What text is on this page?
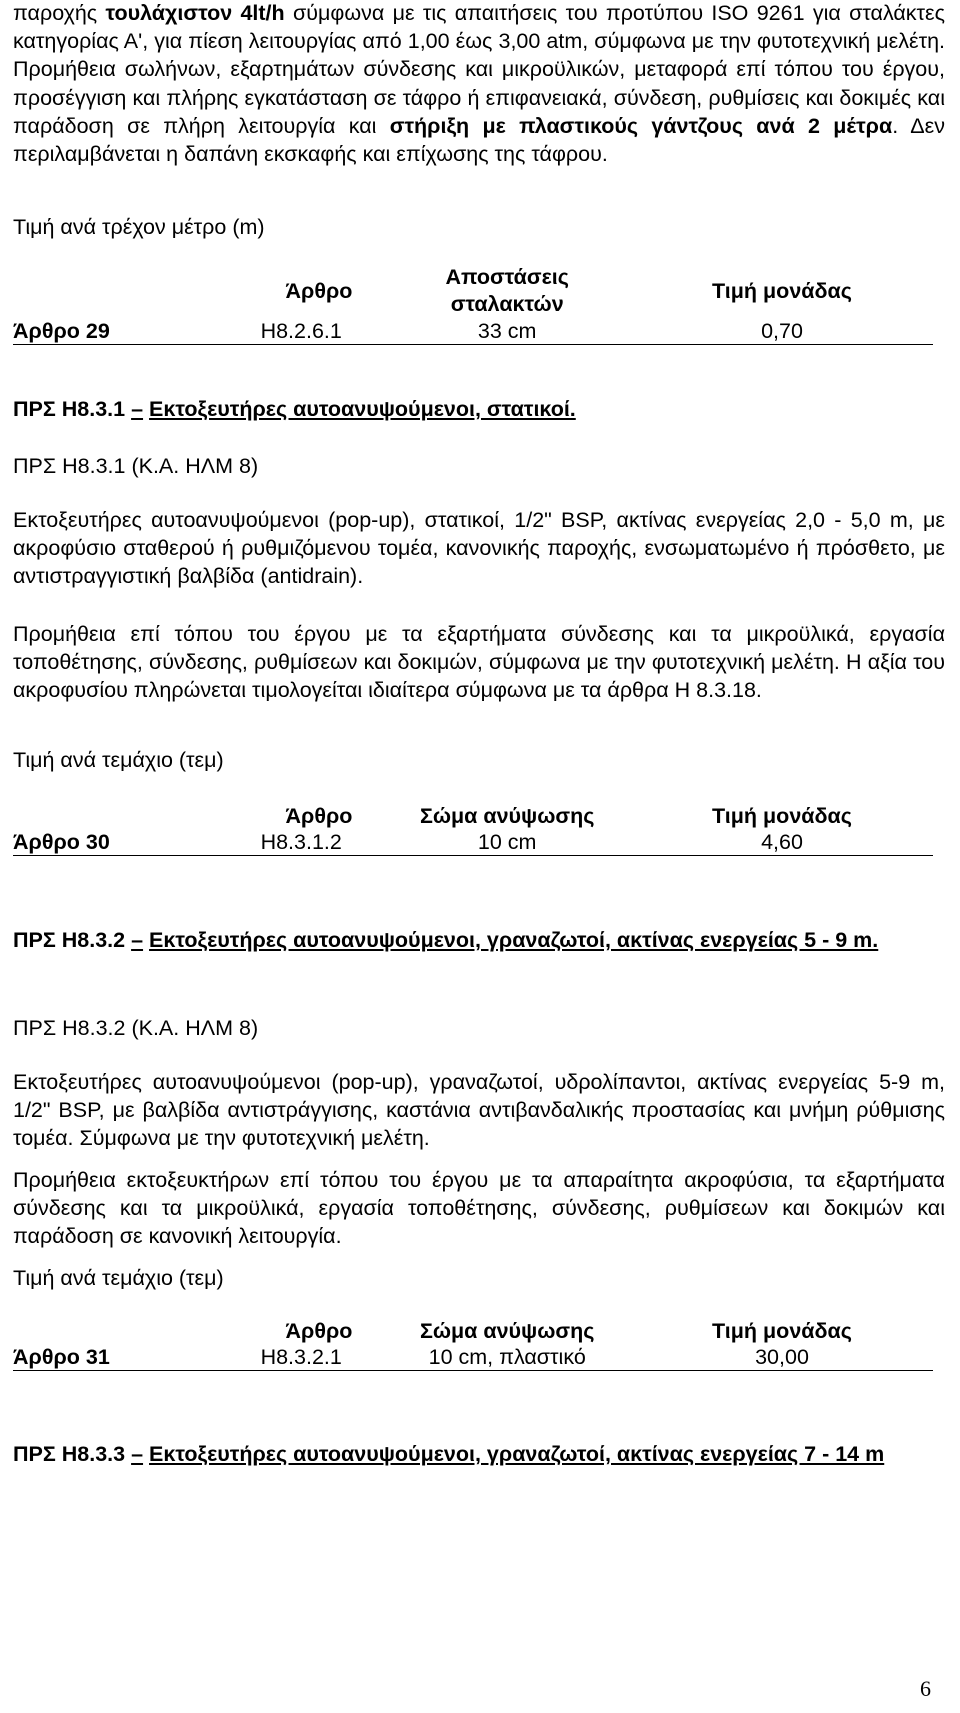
παροχής τουλάχιστον 4lt/h σύμφωνα με τις απαιτήσεις του προτύπου ISO 9261 για σταλάκτες κατηγορίας Α', για πίεση λειτουργίας από 1,00 έως 3,00 atm, σύμφωνα με την φυτοτεχνική μελέτη. Προμήθεια σωλήνων, εξαρτημάτων σύνδεσης και μικροϋλικών, μεταφορά επί τόπου του έργου, προσέγγιση και πλήρης εγκατάσταση σε τάφρο ή επιφανειακά, σύνδεση, ρυθμίσεις και δοκιμές και παράδοση σε πλήρη λειτουργία και στήριξη με πλαστικούς γάντζους ανά 2 μέτρα. Δεν περιλαμβάνεται η δαπάνη εκσκαφής και επίχωσης της τάφρου.

Τιμή ανά τρέχον μέτρο (m)

	Άρθρο	Αποστάσεις σταλακτών	Τιμή μονάδας
Άρθρο 29	Η8.2.6.1	33 cm	0,70

ΠΡΣ Η8.3.1 – Εκτοξευτήρες αυτοανυψούμενοι, στατικοί.

ΠΡΣ Η8.3.1 (Κ.Α. ΗΛΜ 8)

Εκτοξευτήρες αυτοανυψούμενοι (pop-up), στατικοί, 1/2" BSP, ακτίνας ενεργείας 2,0 - 5,0 m, με ακροφύσιο σταθερού ή ρυθμιζόμενου τομέα, κανονικής παροχής, ενσωματωμένο ή πρόσθετο, με αντιστραγγιστική βαλβίδα (antidrain).

Προμήθεια επί τόπου του έργου με τα εξαρτήματα σύνδεσης και τα μικροϋλικά, εργασία τοποθέτησης, σύνδεσης, ρυθμίσεων και δοκιμών, σύμφωνα με την φυτοτεχνική μελέτη. Η αξία του ακροφυσίου πληρώνεται τιμολογείται ιδιαίτερα σύμφωνα με τα άρθρα Η 8.3.18.

Τιμή ανά τεμάχιο (τεμ)

	Άρθρο	Σώμα ανύψωσης	Τιμή μονάδας
Άρθρο 30	Η8.3.1.2	10 cm	4,60

ΠΡΣ Η8.3.2 – Εκτοξευτήρες αυτοανυψούμενοι, γραναζωτοί, ακτίνας ενεργείας 5 - 9 m.

ΠΡΣ Η8.3.2 (Κ.Α. ΗΛΜ 8)

Εκτοξευτήρες αυτοανυψούμενοι (pop-up), γραναζωτοί, υδρολίπαντοι, ακτίνας ενεργείας 5-9 m, 1/2" BSP, με βαλβίδα αντιστράγγισης, καστάνια αντιβανδαλικής προστασίας και μνήμη ρύθμισης τομέα. Σύμφωνα με την φυτοτεχνική μελέτη.

Προμήθεια εκτοξευκτήρων επί τόπου του έργου με τα απαραίτητα ακροφύσια, τα εξαρτήματα σύνδεσης και τα μικροϋλικά, εργασία τοποθέτησης, σύνδεσης, ρυθμίσεων και δοκιμών και παράδοση σε κανονική λειτουργία.

Τιμή ανά τεμάχιο (τεμ)

	Άρθρο	Σώμα ανύψωσης	Τιμή μονάδας
Άρθρο 31	Η8.3.2.1	10 cm, πλαστικό	30,00

ΠΡΣ Η8.3.3 – Εκτοξευτήρες αυτοανυψούμενοι, γραναζωτοί, ακτίνας ενεργείας 7 - 14 m

6
